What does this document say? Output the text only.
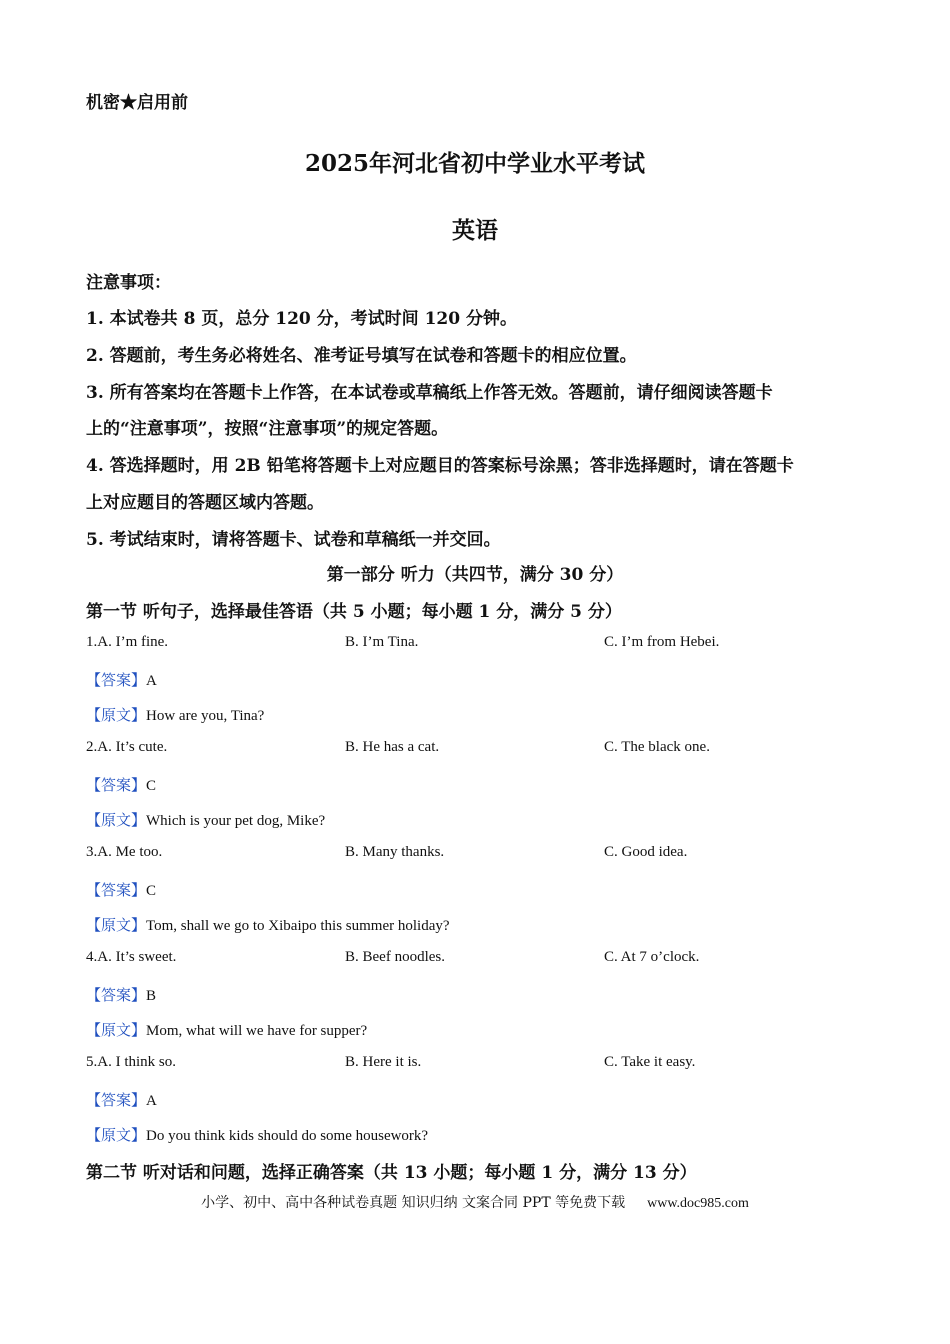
机密★启用前
2025年河北省初中学业水平考试
英语
注意事项：
1. 本试卷共 8 页，总分 120 分，考试时间 120 分钟。
2. 答题前，考生务必将姓名、准考证号填写在试卷和答题卡的相应位置。
3. 所有答案均在答题卡上作答，在本试卷或草稿纸上作答无效。答题前，请仔细阅读答题卡
上的“注意事项”，按照“注意事项”的规定答题。
4. 答选择题时，用 2B 铅笔将答题卡上对应题目的答案标号涂黑；答非选择题时，请在答题卡
上对应题目的答题区域内答题。
5. 考试结束时，请将答题卡、试卷和草稿纸一并交回。
第一部分 听力（共四节，满分 30 分）
第一节 听句子，选择最佳答语（共 5 小题；每小题 1 分，满分 5 分）
1.A. I’m fine.	B. I’m Tina.	C. I’m from Hebei.
【答案】A
【原文】How are you, Tina?
2.A. It’s cute.	B. He has a cat.	C. The black one.
【答案】C
【原文】Which is your pet dog, Mike?
3.A. Me too.	B. Many thanks.	C. Good idea.
【答案】C
【原文】Tom, shall we go to Xibaipo this summer holiday?
4.A. It’s sweet.	B. Beef noodles.	C. At 7 o’clock.
【答案】B
【原文】Mom, what will we have for supper?
5.A. I think so.	B. Here it is.	C. Take it easy.
【答案】A
【原文】Do you think kids should do some housework?
第二节 听对话和问题，选择正确答案（共 13 小题；每小题 1 分，满分 13 分）
小学、初中、高中各种试卷真题 知识归纳 文案合同 PPT 等免费下载 www.doc985.com
